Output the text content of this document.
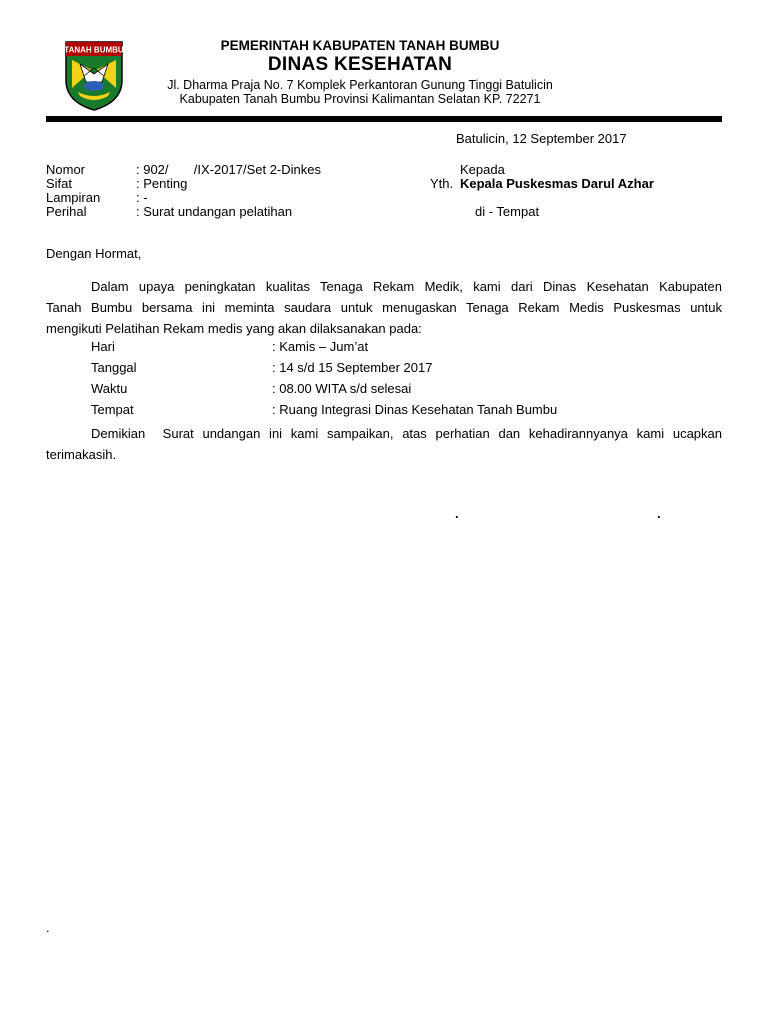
TANAH BUMBU	PEMERINTAH KABUPATEN TANAH BUMBU
DINAS KESEHATAN
Jl. Dharma Praja No. 7 Komplek Perkantoran Gunung Tinggi Batulicin
Kabupaten Tanah Bumbu Provinsi Kalimantan Selatan KP. 72271
Batulicin, 12 September 2017
Nomor	: 902/       /IX-2017/Set 2-Dinkes
Sifat	: Penting
Lampiran	: -
Perihal	: Surat undangan pelatihan
Kepada
Yth. Kepala Puskesmas Darul Azhar
di - Tempat
Dengan Hormat,
Dalam upaya peningkatan kualitas Tenaga Rekam Medik, kami dari Dinas Kesehatan Kabupaten
Tanah Bumbu bersama ini meminta saudara untuk menugaskan Tenaga Rekam Medis Puskesmas untuk
mengikuti Pelatihan Rekam medis yang akan dilaksanakan pada:
Hari	: Kamis – Jum’at
Tanggal	: 14 s/d 15 September 2017
Waktu	: 08.00 WITA s/d selesai
Tempat	: Ruang Integrasi Dinas Kesehatan Tanah Bumbu
Demikian  Surat undangan ini kami sampaikan, atas perhatian dan kehadirannyanya kami ucapkan
terimakasih.
.	.
.
